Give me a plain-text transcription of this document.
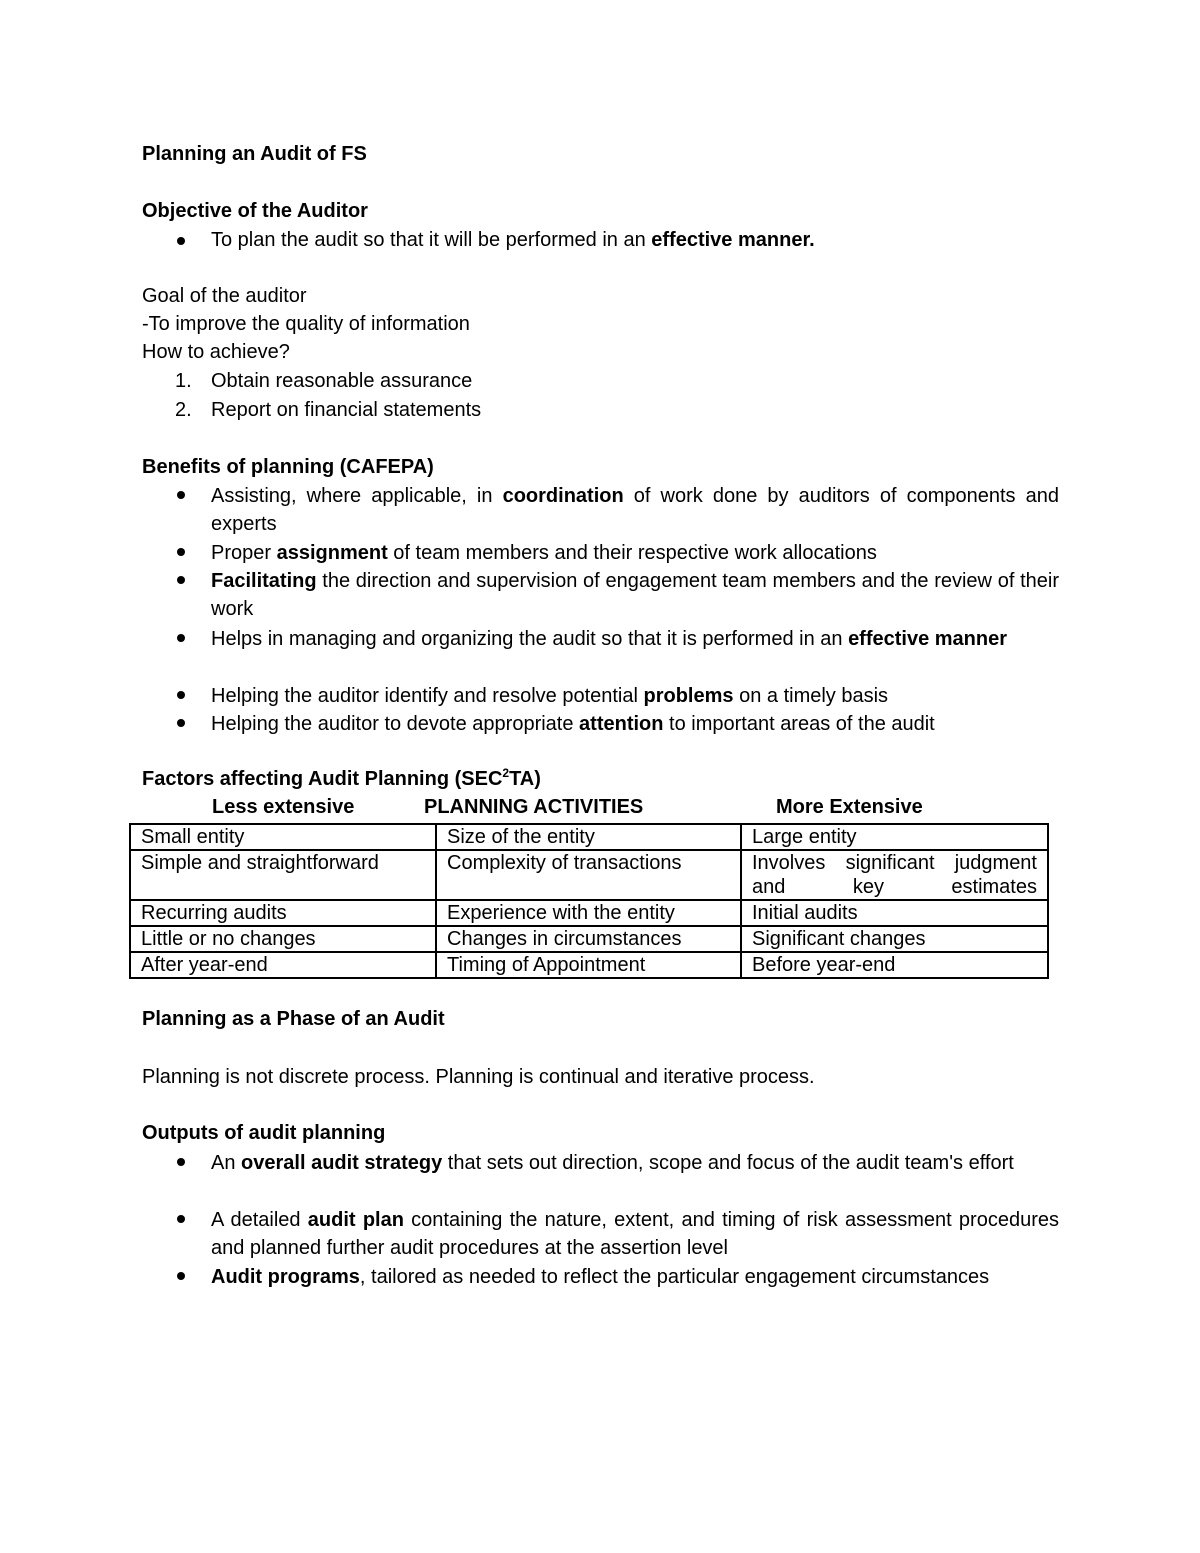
Planning an Audit of FS
Objective of the Auditor
To plan the audit so that it will be performed in an effective manner.
Goal of the auditor
-To improve the quality of information
How to achieve?
1. Obtain reasonable assurance
2. Report on financial statements
Benefits of planning (CAFEPA)
Assisting, where applicable, in coordination of work done by auditors of components and experts
Proper assignment of team members and their respective work allocations
Facilitating the direction and supervision of engagement team members and the review of their work
Helps in managing and organizing the audit so that it is performed in an effective manner
Helping the auditor identify and resolve potential problems on a timely basis
Helping the auditor to devote appropriate attention to important areas of the audit
Factors affecting Audit Planning (SEC$^2$TA)
Less extensive	PLANNING ACTIVITIES	More Extensive
Small entity	Size of the entity	Large entity
Simple and straightforward	Complexity of transactions	Involves significant judgment and key estimates
Recurring audits	Experience with the entity	Initial audits
Little or no changes	Changes in circumstances	Significant changes
After year-end	Timing of Appointment	Before year-end
Planning as a Phase of an Audit
Planning is not discrete process. Planning is continual and iterative process.
Outputs of audit planning
An overall audit strategy that sets out direction, scope and focus of the audit team's effort
A detailed audit plan containing the nature, extent, and timing of risk assessment procedures and planned further audit procedures at the assertion level
Audit programs, tailored as needed to reflect the particular engagement circumstances
